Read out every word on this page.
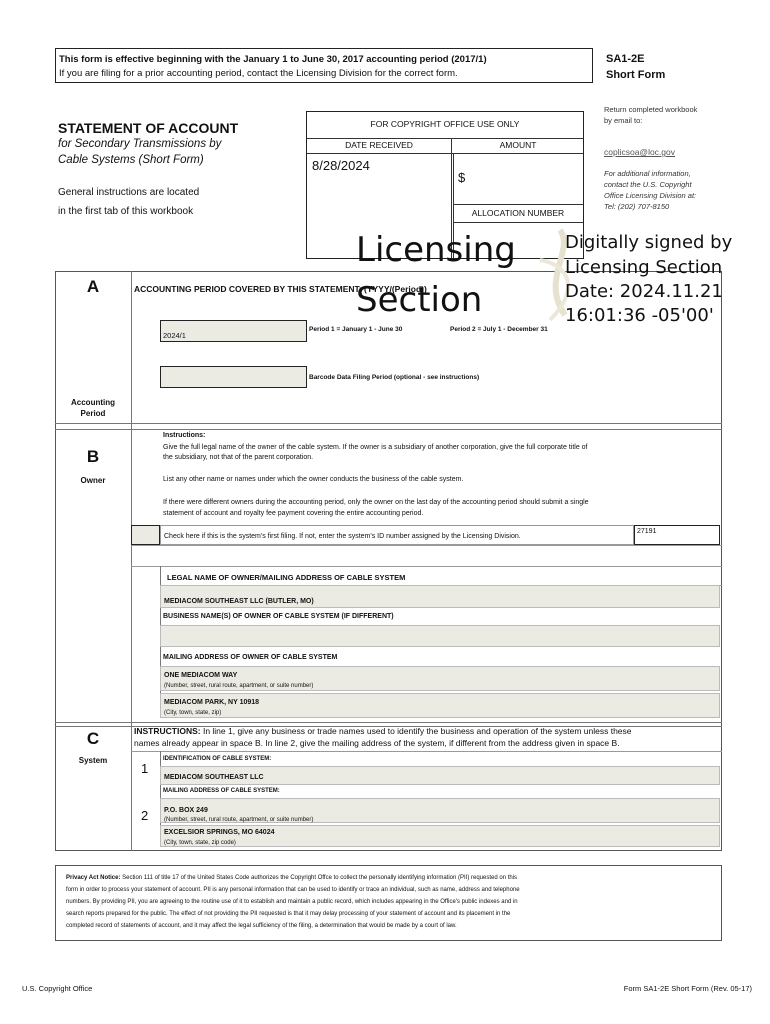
This form is effective beginning with the January 1 to June 30, 2017 accounting period (2017/1)
If you are filing for a prior accounting period, contact the Licensing Division for the correct form.
SA1-2E
Short Form
STATEMENT OF ACCOUNT
for Secondary Transmissions by
Cable Systems (Short Form)
General instructions are located
in the first tab of this workbook
FOR COPYRIGHT OFFICE USE ONLY
DATE RECEIVED	AMOUNT
8/28/2024
$
ALLOCATION NUMBER
Return completed workbook
by email to:
coplicsoa@loc.gov
For additional information,
contact the U.S. Copyright
Office Licensing Division at:
Tel: (202) 707-8150
A
Accounting
Period
ACCOUNTING PERIOD COVERED BY THIS STATEMENT: (YYYY/(Period))
2024/1
Period 1 = January 1 - June 30	Period 2 = July 1 - December 31
Barcode Data Filing Period (optional - see instructions)
Licensing
Section
Digitally signed by
Licensing Section
Date: 2024.11.21
16:01:36 -05'00'
B
Owner
Instructions:
Give the full legal name of the owner of the cable system. If the owner is a subsidiary of another corporation, give the full corporate title of
the subsidiary, not that of the parent corporation.
List any other name or names under which the owner conducts the business of the cable system.
If there were different owners during the accounting period, only the owner on the last day of the accounting period should submit a single
statement of account and royalty fee payment covering the entire accounting period.
Check here if this is the system's first filing. If not, enter the system's ID number assigned by the Licensing Division.
27191
LEGAL NAME OF OWNER/MAILING ADDRESS OF CABLE SYSTEM
MEDIACOM SOUTHEAST LLC (BUTLER, MO)
BUSINESS NAME(S) OF OWNER OF CABLE SYSTEM (IF DIFFERENT)
MAILING ADDRESS OF OWNER OF CABLE SYSTEM
ONE MEDIACOM WAY
(Number, street, rural route, apartment, or suite number)
MEDIACOM PARK, NY 10918
(City, town, state, zip)
C
System
INSTRUCTIONS: In line 1, give any business or trade names used to identify the business and operation of the system unless these
names already appear in space B. In line 2, give the mailing address of the system, if different from the address given in space B.
1
IDENTIFICATION OF CABLE SYSTEM:
MEDIACOM SOUTHEAST LLC
MAILING ADDRESS OF CABLE SYSTEM:
2 P.O. BOX 249
(Number, street, rural route, apartment, or suite number)
EXCELSIOR SPRINGS, MO 64024
(City, town, state, zip code)
Privacy Act Notice: Section 111 of title 17 of the United States Code authorizes the Copyright Offce to collect the personally identifying information (PII) requested on this
form in order to process your statement of account. PII is any personal information that can be used to identify or trace an individual, such as name, address and telephone
numbers. By providing PII, you are agreeing to the routine use of it to establish and maintain a public record, which includes appearing in the Office's public indexes and in
search reports prepared for the public. The effect of not providing the PII requested is that it may delay processing of your statement of account and its placement in the
completed record of statements of account, and it may affect the legal sufficiency of the filing, a determination that would be made by a court of law.
U.S. Copyright Office	Form SA1-2E Short Form (Rev. 05-17)
